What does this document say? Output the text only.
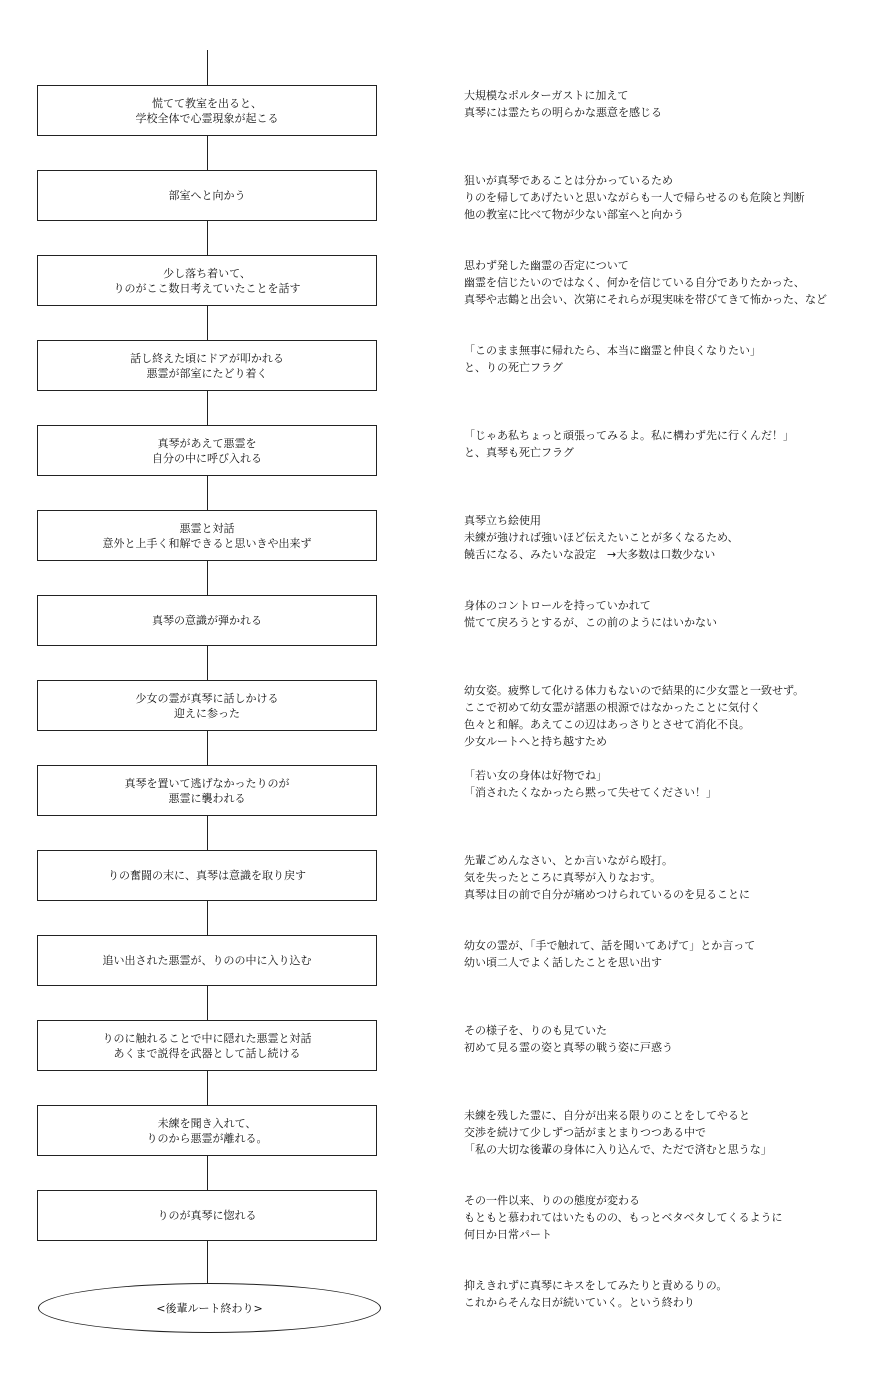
慌てて教室を出ると、
学校全体で心霊現象が起こる
大規模なポルターガストに加えて
真琴には霊たちの明らかな悪意を感じる
部室へと向かう
狙いが真琴であることは分かっているため
りのを帰してあげたいと思いながらも一人で帰らせるのも危険と判断
他の教室に比べて物が少ない部室へと向かう
少し落ち着いて、
りのがここ数日考えていたことを話す
思わず発した幽霊の否定について
幽霊を信じたいのではなく、何かを信じている自分でありたかった、
真琴や志鶴と出会い、次第にそれらが現実味を帯びてきて怖かった、など
話し終えた頃にドアが叩かれる
悪霊が部室にたどり着く
「このまま無事に帰れたら、本当に幽霊と仲良くなりたい」
と、りの死亡フラグ
真琴があえて悪霊を
自分の中に呼び入れる
「じゃあ私ちょっと頑張ってみるよ。私に構わず先に行くんだ！」
と、真琴も死亡フラグ
悪霊と対話
意外と上手く和解できると思いきや出来ず
真琴立ち絵使用
未練が強ければ強いほど伝えたいことが多くなるため、
饒舌になる、みたいな設定　→大多数は口数少ない
真琴の意識が弾かれる
身体のコントロールを持っていかれて
慌てて戻ろうとするが、この前のようにはいかない
少女の霊が真琴に話しかける
迎えに参った
幼女姿。疲弊して化ける体力もないので結果的に少女霊と一致せず。
ここで初めて幼女霊が諸悪の根源ではなかったことに気付く
色々と和解。あえてこの辺はあっさりとさせて消化不良。
少女ルートへと持ち越すため
真琴を置いて逃げなかったりのが
悪霊に襲われる
「若い女の身体は好物でね」
「消されたくなかったら黙って失せてください！」
りの奮闘の末に、真琴は意識を取り戻す
先輩ごめんなさい、とか言いながら殴打。
気を失ったところに真琴が入りなおす。
真琴は目の前で自分が痛めつけられているのを見ることに
追い出された悪霊が、りのの中に入り込む
幼女の霊が、「手で触れて、話を聞いてあげて」とか言って
幼い頃二人でよく話したことを思い出す
りのに触れることで中に隠れた悪霊と対話
あくまで説得を武器として話し続ける
その様子を、りのも見ていた
初めて見る霊の姿と真琴の戦う姿に戸惑う
未練を聞き入れて、
りのから悪霊が離れる。
未練を残した霊に、自分が出来る限りのことをしてやると
交渉を続けて少しずつ話がまとまりつつある中で
「私の大切な後輩の身体に入り込んで、ただで済むと思うな」
りのが真琴に惚れる
その一件以来、りのの態度が変わる
もともと慕われてはいたものの、もっとベタベタしてくるように
何日か日常パート
<後輩ルート終わり>
抑えきれずに真琴にキスをしてみたりと責めるりの。
これからそんな日が続いていく。という終わり
